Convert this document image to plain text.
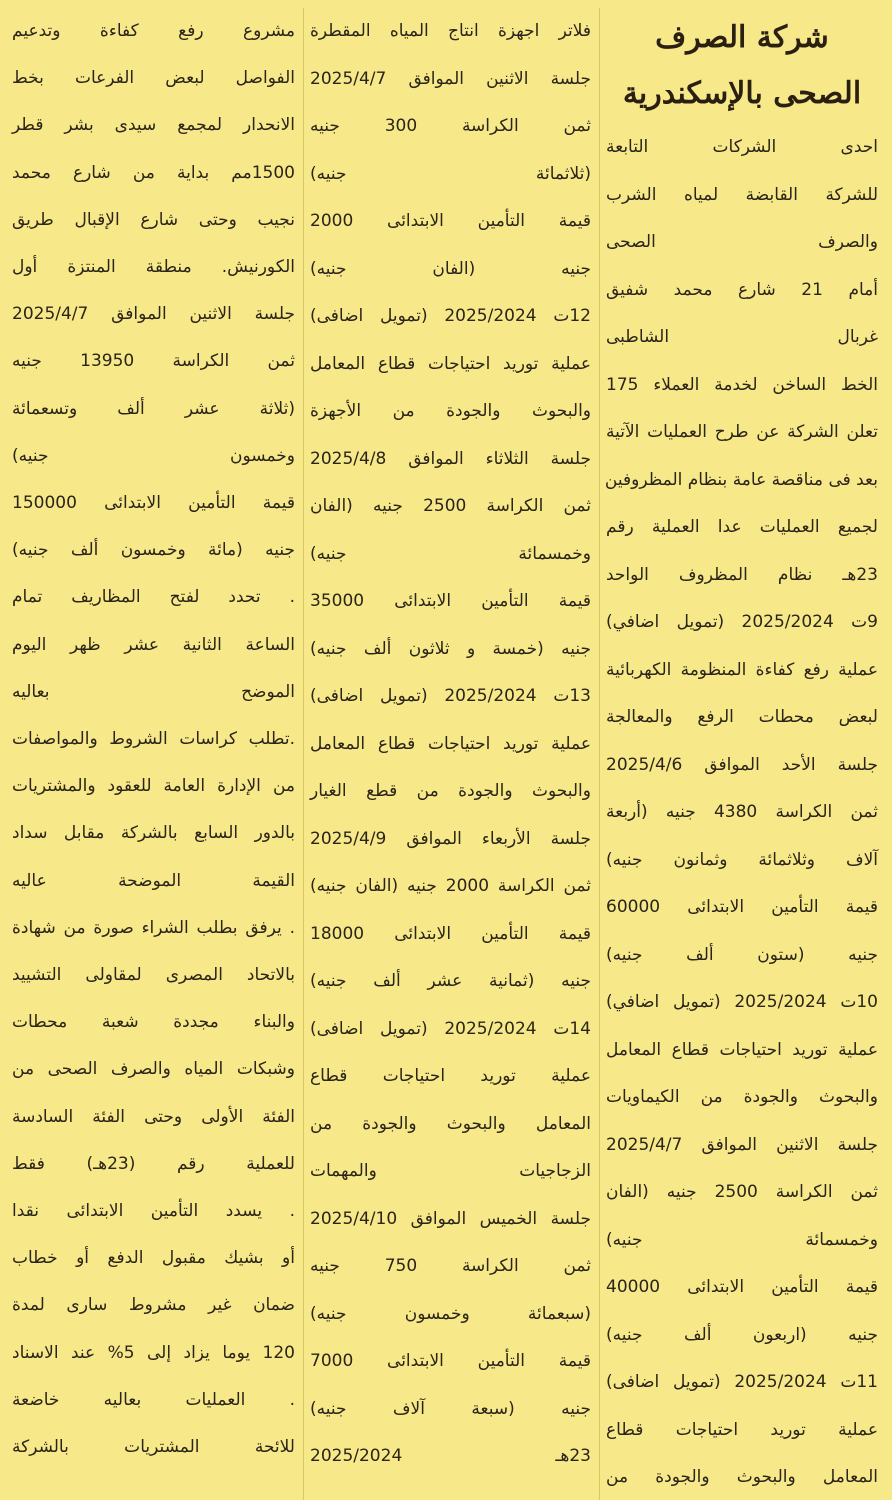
شركة الصرف
الصحى بالإسكندرية
احدى الشركات التابعة
للشركة القابضة لمياه الشرب
والصرف الصحى
أمام 21 شارع محمد شفيق
غربال الشاطبى
الخط الساخن لخدمة العملاء 175
تعلن الشركة عن طرح العمليات الآتية
بعد فى مناقصة عامة بنظام المظروفين
لجميع العمليات عدا العملية رقم
23هـ نظام المظروف الواحد
9ت 2025/2024 (تمويل اضافي)
عملية رفع كفاءة المنظومة الكهربائية
لبعض محطات الرفع والمعالجة
جلسة الأحد الموافق 2025/4/6
ثمن الكراسة 4380 جنيه (أربعة
آلاف وثلاثمائة وثمانون جنيه)
قيمة التأمين الابتدائى 60000
جنيه (ستون ألف جنيه)
10ت 2025/2024 (تمويل اضافي)
عملية توريد احتياجات قطاع المعامل
والبحوث والجودة من الكيماويات
جلسة الاثنين الموافق 2025/4/7
ثمن الكراسة 2500 جنيه (الفان
وخمسمائة جنيه)
قيمة التأمين الابتدائى 40000
جنيه (اربعون ألف جنيه)
11ت 2025/2024 (تمويل اضافى)
عملية توريد احتياجات قطاع
المعامل والبحوث والجودة من
فلاتر اجهزة انتاج المياه المقطرة
جلسة الاثنين الموافق 2025/4/7
ثمن الكراسة 300 جنيه
(ثلاثمائة جنيه)
قيمة التأمين الابتدائى 2000
جنيه (الفان جنيه)
12ت 2025/2024 (تمويل اضافى)
عملية توريد احتياجات قطاع المعامل
والبحوث والجودة من الأجهزة
جلسة الثلاثاء الموافق 2025/4/8
ثمن الكراسة 2500 جنيه (الفان
وخمسمائة جنيه)
قيمة التأمين الابتدائى 35000
جنيه (خمسة و ثلاثون ألف جنيه)
13ت 2025/2024 (تمويل اضافى)
عملية توريد احتياجات قطاع المعامل
والبحوث والجودة من قطع الغيار
جلسة الأربعاء الموافق 2025/4/9
ثمن الكراسة 2000 جنيه (الفان جنيه)
قيمة التأمين الابتدائى 18000
جنيه (ثمانية عشر ألف جنيه)
14ت 2025/2024 (تمويل اضافى)
عملية توريد احتياجات قطاع
المعامل والبحوث والجودة من
الزجاجيات والمهمات
جلسة الخميس الموافق 2025/4/10
ثمن الكراسة 750 جنيه
(سبعمائة وخمسون جنيه)
قيمة التأمين الابتدائى 7000
جنيه (سبعة آلاف جنيه)
23هـ 2025/2024
مشروع رفع كفاءة وتدعيم
الفواصل لبعض الفرعات بخط
الانحدار لمجمع سيدى بشر قطر
1500مم بداية من شارع محمد
نجيب وحتى شارع الإقبال طريق
الكورنيش. منطقة المنتزة أول
جلسة الاثنين الموافق 2025/4/7
ثمن الكراسة 13950 جنيه
(ثلاثة عشر ألف وتسعمائة
وخمسون جنيه)
قيمة التأمين الابتدائى 150000
جنيه (مائة وخمسون ألف جنيه)
. تحدد لفتح المظاريف تمام
الساعة الثانية عشر ظهر اليوم
الموضح بعاليه
.تطلب كراسات الشروط والمواصفات
من الإدارة العامة للعقود والمشتريات
بالدور السابع بالشركة مقابل سداد
القيمة الموضحة عاليه
. يرفق بطلب الشراء صورة من شهادة
بالاتحاد المصرى لمقاولى التشييد
والبناء مجددة شعبة محطات
وشبكات المياه والصرف الصحى من
الفئة الأولى وحتى الفئة السادسة
للعملية رقم (23هـ) فقط
. يسدد التأمين الابتدائى نقدا
أو بشيك مقبول الدفع أو خطاب
ضمان غير مشروط سارى لمدة
120 يوما يزاد إلى 5% عند الاسناد
. العمليات بعاليه خاضعة
للائحة المشتريات بالشركة
